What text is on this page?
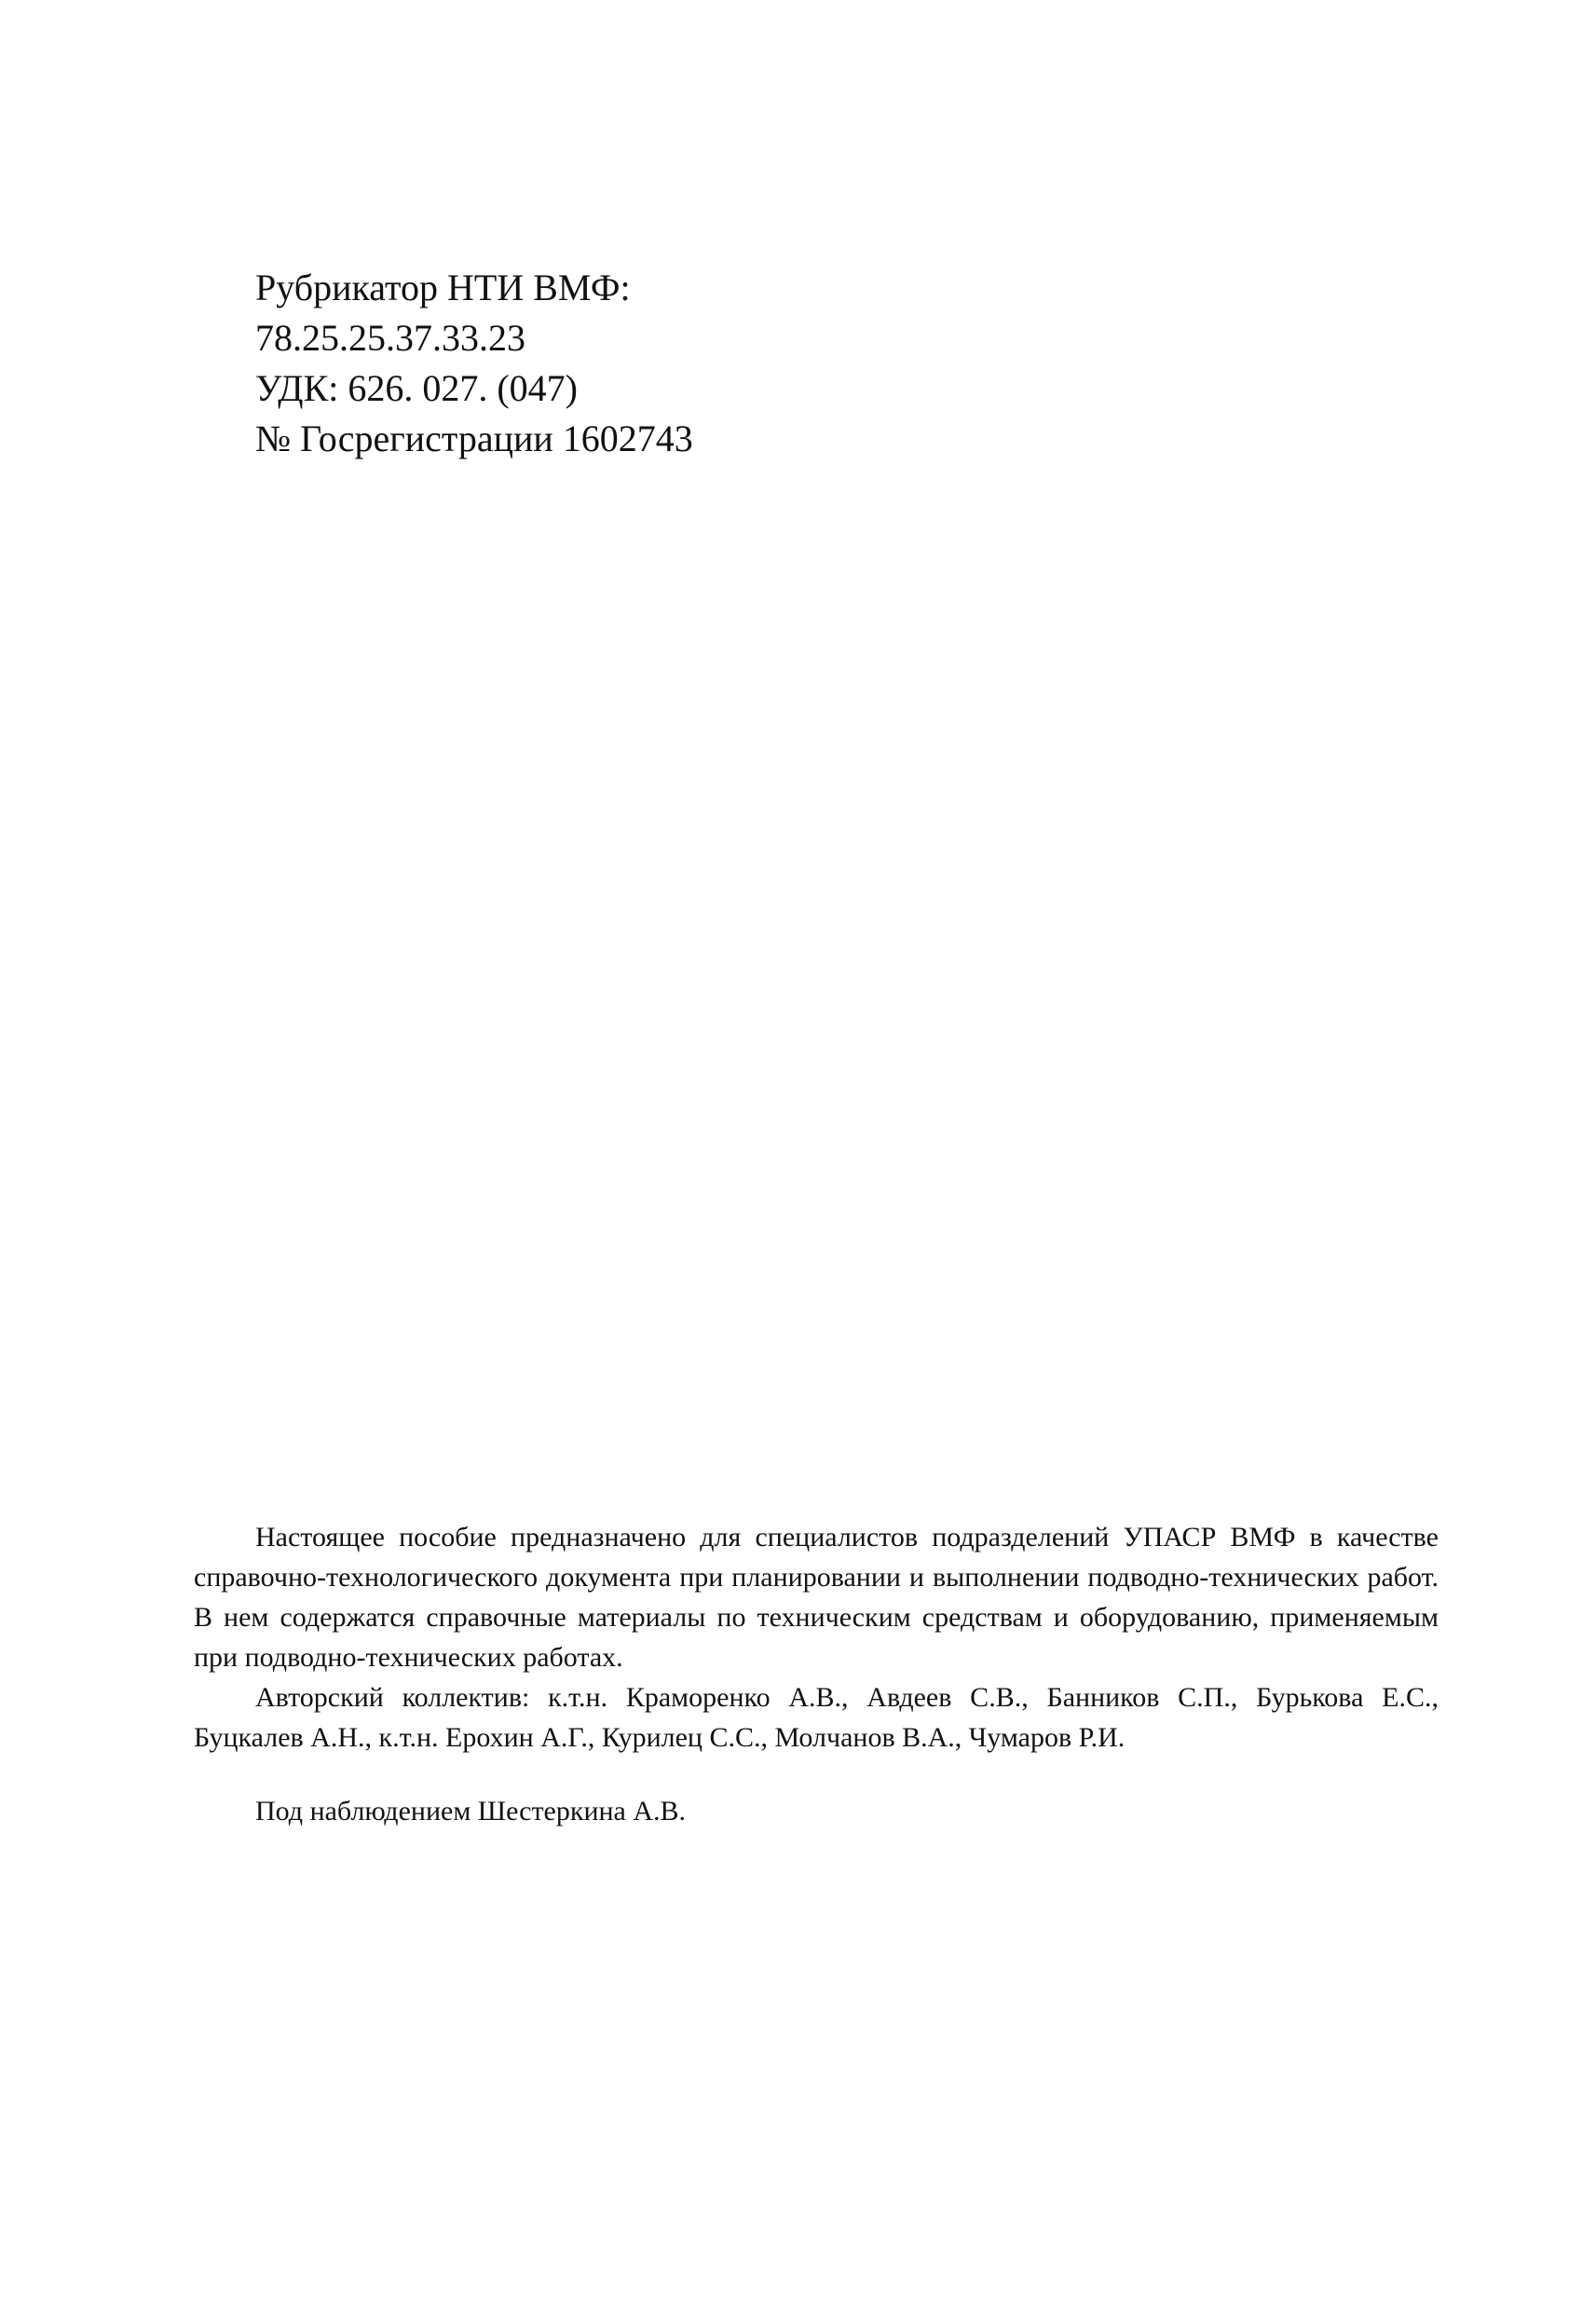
Рубрикатор НТИ ВМФ:
78.25.25.37.33.23
УДК: 626. 027. (047)
№ Госрегистрации 1602743

Настоящее пособие предназначено для специалистов подразделений УПАСР ВМФ в качестве справочно-технологического документа при планировании и выполнении подводно-технических работ. В нем содержатся справочные материалы по техническим средствам и оборудованию, применяемым при подводно-технических работах.

Авторский коллектив: к.т.н. Краморенко А.В., Авдеев С.В., Банников С.П., Бурькова Е.С., Буцкалев А.Н., к.т.н. Ерохин А.Г., Курилец С.С., Молчанов В.А., Чумаров Р.И.

Под наблюдением Шестеркина А.В.
